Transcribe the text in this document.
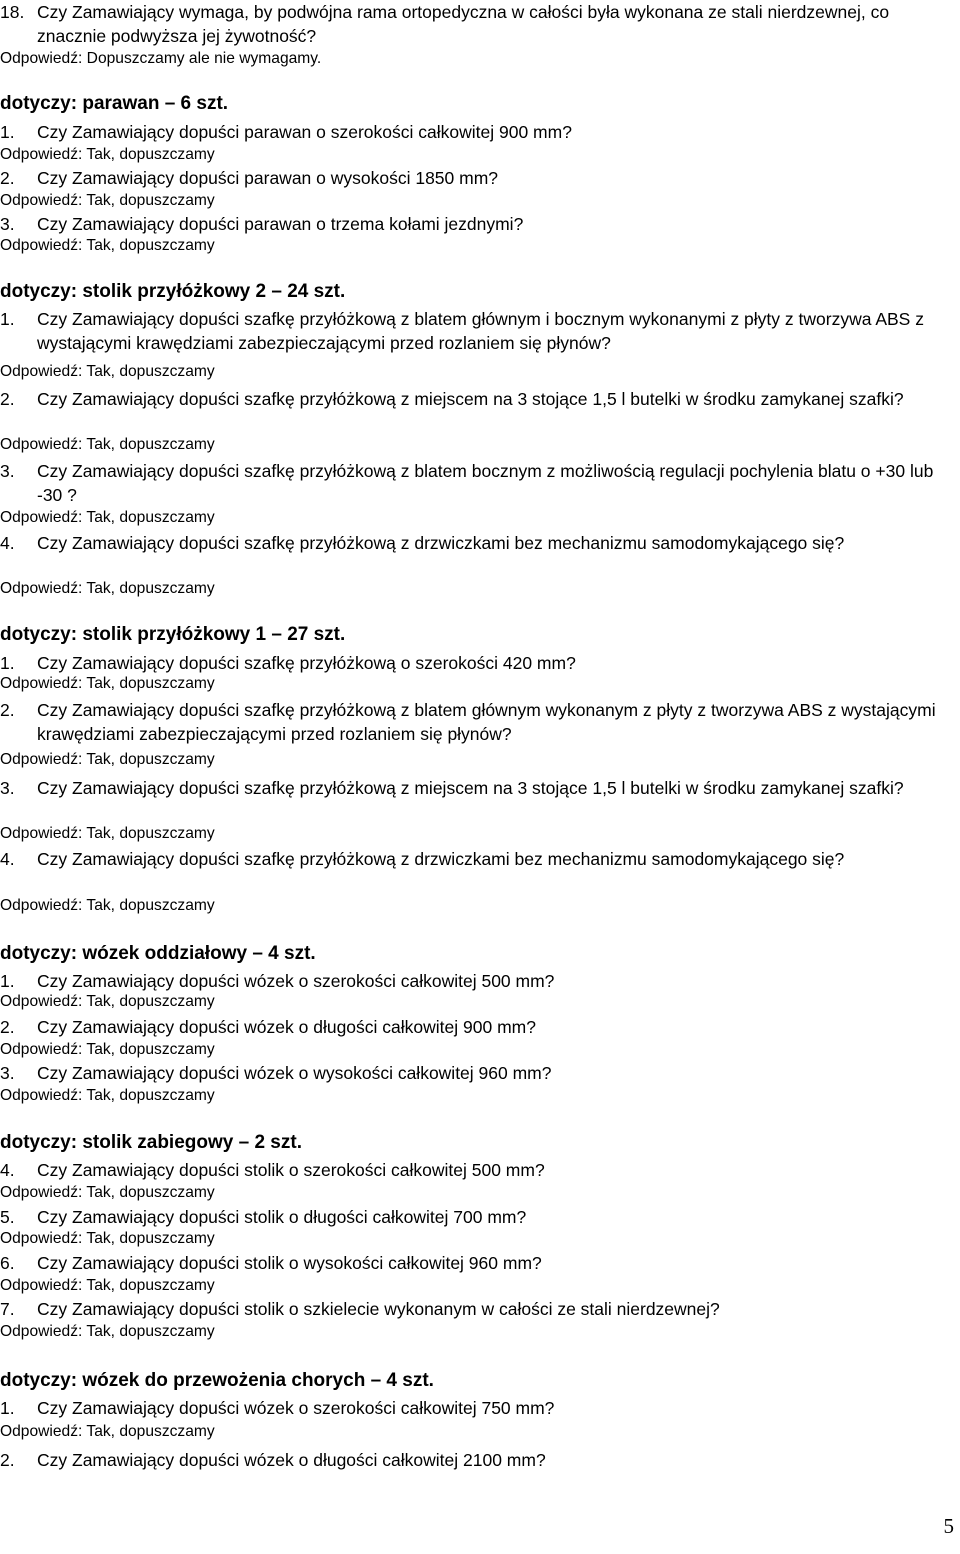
18. Czy Zamawiający wymaga, by podwójna rama ortopedyczna w całości była wykonana ze stali nierdzewnej, co znacznie podwyższa jej żywotność?
Odpowiedź: Dopuszczamy ale nie wymagamy.
dotyczy: parawan – 6 szt.
1.	Czy Zamawiający dopuści parawan o szerokości całkowitej 900 mm?
Odpowiedź: Tak, dopuszczamy
2.	Czy Zamawiający dopuści parawan o wysokości 1850 mm?
Odpowiedź: Tak, dopuszczamy
3.	Czy Zamawiający dopuści parawan o trzema kołami jezdnymi?
Odpowiedź: Tak, dopuszczamy
dotyczy: stolik przyłóżkowy 2 – 24 szt.
1.	Czy Zamawiający dopuści szafkę przyłóżkową z blatem głównym i bocznym wykonanymi z płyty z tworzywa ABS z wystającymi krawędziami zabezpieczającymi przed rozlaniem się płynów?
Odpowiedź: Tak, dopuszczamy
2.	Czy Zamawiający dopuści szafkę przyłóżkową z miejscem na 3 stojące 1,5 l butelki w środku zamykanej szafki?
Odpowiedź: Tak, dopuszczamy
3.	Czy Zamawiający dopuści szafkę przyłóżkową z blatem bocznym z możliwością regulacji pochylenia blatu o +30 lub -30 ?
Odpowiedź: Tak, dopuszczamy
4.	Czy Zamawiający dopuści szafkę przyłóżkową z drzwiczkami bez mechanizmu samodomykającego się?
Odpowiedź: Tak, dopuszczamy
dotyczy: stolik przyłóżkowy 1 – 27 szt.
1.	Czy Zamawiający dopuści szafkę przyłóżkową o szerokości 420 mm?
Odpowiedź: Tak, dopuszczamy
2.	Czy Zamawiający dopuści szafkę przyłóżkową z blatem głównym wykonanym z płyty z tworzywa ABS z wystającymi krawędziami zabezpieczającymi przed rozlaniem się płynów?
Odpowiedź: Tak, dopuszczamy
3.	Czy Zamawiający dopuści szafkę przyłóżkową z miejscem na 3 stojące 1,5 l butelki w środku zamykanej szafki?
Odpowiedź: Tak, dopuszczamy
4.	Czy Zamawiający dopuści szafkę przyłóżkową z drzwiczkami bez mechanizmu samodomykającego się?
Odpowiedź: Tak, dopuszczamy
dotyczy: wózek oddziałowy – 4 szt.
1.	Czy Zamawiający dopuści wózek o szerokości całkowitej 500 mm?
Odpowiedź: Tak, dopuszczamy
2.	Czy Zamawiający dopuści wózek o długości całkowitej 900 mm?
Odpowiedź: Tak, dopuszczamy
3.	Czy Zamawiający dopuści wózek o wysokości całkowitej 960 mm?
Odpowiedź: Tak, dopuszczamy
dotyczy: stolik zabiegowy – 2 szt.
4.	Czy Zamawiający dopuści stolik o szerokości całkowitej 500 mm?
Odpowiedź: Tak, dopuszczamy
5.	Czy Zamawiający dopuści stolik o długości całkowitej 700 mm?
Odpowiedź: Tak, dopuszczamy
6.	Czy Zamawiający dopuści stolik o wysokości całkowitej 960 mm?
Odpowiedź: Tak, dopuszczamy
7.	Czy Zamawiający dopuści stolik o szkielecie wykonanym w całości ze stali nierdzewnej?
Odpowiedź: Tak, dopuszczamy
dotyczy: wózek do przewożenia chorych – 4 szt.
1.	Czy Zamawiający dopuści wózek o szerokości całkowitej 750 mm?
Odpowiedź: Tak, dopuszczamy
2.	Czy Zamawiający dopuści wózek o długości całkowitej 2100 mm?
5
